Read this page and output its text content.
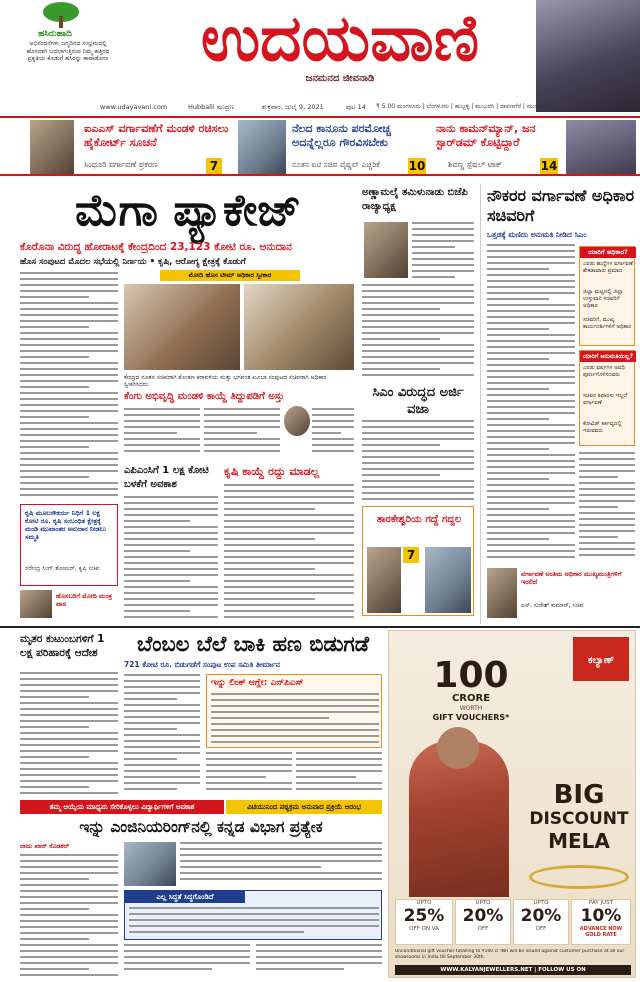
ಹಸಿರುಹಾದಿ
ಅಭಿನಂದನೆಗಳು ಜನ್ಮದಿನದ ಸಂಭ್ರಮದಲ್ಲಿ ಹೊಸದಾಗಿ ಬದಲಾಗುತ್ತಿರುವ ನಿಮ್ಮ ಹತ್ತಿರದ ಪ್ರಕೃತಿಯ ಕೊಡುಗೆ ಹಸಿರನ್ನು ಕಾಪಾಡೋಣ	ಉದಯವಾಣಿ
ಜನಮನದ ಜೀವನಾಡಿ
www.udayavani.com	Hubballi ಮುದ್ರಣ	ಶುಕ್ರವಾರ, ಜುಲೈ 9, 2021	ಪುಟ 14 ₹ 5.00 ಮಂಗಳೂರು | ಬೆಂಗಳೂರು | ಹುಬ್ಬಳ್ಳಿ | ಕಲಬುರಗಿ | ದಾವಣಗೆರೆ | ಮುಂಬಯಿ
ಐಎಎಸ್ ವರ್ಗಾವಣೆಗೆ ಮಂಡಳಿ ರಚಿಸಲು ಹೈಕೋರ್ಟ್ ಸೂಚನೆ
ಸಿಂಧೂರಿ ವರ್ಗಾವಣೆ ಪ್ರಕರಣ	7
ನೆಲದ ಕಾನೂನು ಪರಮೋಚ್ಚ ಅದನ್ನೆಲ್ಲರೂ ಗೌರವಿಸಬೇಕು
ನೂತನ ಐಟಿ ಸಚಿವ ವೈಷ್ಣವ್ ಎಚ್ಚರಿಕೆ	10
ನಾನು ಕಾಮನ್‌ಮ್ಯಾನ್, ಜನ ಸ್ಟಾರ್‌ಡಮ್ ಕೊಟ್ಟಿದ್ದಾರೆ
ಶಿವಣ್ಣ ಸ್ಪೆಷಲ್ ಟಾಕ್	14
ಮೆಗಾ ಪ್ಯಾಕೇಜ್
ಕೊರೊನಾ ವಿರುದ್ಧ ಹೋರಾಟಕ್ಕೆ ಕೇಂದ್ರದಿಂದ 23,123 ಕೋಟಿ ರೂ. ಅನುದಾನ
ಹೊಸ ಸಂಪುಟದ ಮೊದಲ ಸಭೆಯಲ್ಲಿ ನಿರ್ಣಯ • ಕೃಷಿ, ಆರೋಗ್ಯ ಕ್ಷೇತ್ರಕ್ಕೆ ಕೊಡುಗೆ
ಮೋದಿ ಹೊಸ ಟೀಮ್ ಅಧಿಕಾರ ಸ್ವೀಕಾರ
ಕೇಂದ್ರದ ನೂತನ ಸಚಿವರಾಗಿ ಕೊಂಕಣ ಕರಾವಳಿಯ ಮತ್ತು ಭಗವಂತ ಖೂಬಾ ಸಂಪುಟದ ಸಚಿವರಾಗಿ ಅಧಿಕಾರ ಸ್ವೀಕರಿಸಿದರು.
ಕೆಂಗು ಅಭಿವೃದ್ಧಿ ಮಂಡಳಿ ಕಾಯ್ದೆ ತಿದ್ದುಪಡಿಗೆ ಅಸ್ತು
ಕೃಷಿ ಮೂಲಸೌಕರ್ಯ ನಿಧಿಗೆ 1 ಲಕ್ಷ ಕೋಟಿ ರೂ. ಕೃಷಿ ಸಂಬಂಧಿತ ಕ್ಷೇತ್ರಕ್ಕೆ ಮಂಡಿ ಮುಖಾಂತರ ಅನುದಾನ ನೀಡಲು ಸಮ್ಮತಿ
ನರೇಂದ್ರ ಸಿಂಗ್ ತೋಮರ್, ಕೃಷಿ ಸಚಿವ
ಹೊಸಬರಿಗೆ ಮೋದಿ ಮಂತ್ರ ಪಾಠ
ಎಪಿಎಂಸಿಗೆ 1 ಲಕ್ಷ ಕೋಟಿ ಬಳಕೆಗೆ ಅವಕಾಶ
ಕೃಷಿ ಕಾಯ್ದೆ ರದ್ದು ಮಾಡಲ್ಲ
ಅಣ್ಣಾಮಲೈ ತಮಿಳುನಾಡು ಬಿಜೆಪಿ ರಾಜ್ಯಾಧ್ಯಕ್ಷ
ಸಿಎಂ ವಿರುದ್ಧದ ಅರ್ಜಿ ವಜಾ
ತಾರಕೇಶ್ವರಿಯ ಗದ್ದೆ ಗದ್ದಲ
7
ನೌಕರರ ವರ್ಗಾವಣೆ ಅಧಿಕಾರ ಸಚಿವರಿಗೆ
ಒತ್ತಡಕ್ಕೆ ಮಣಿದು ಅನುಮತಿ ನೀಡಿದ ಸಿಎಂ
ಯಾರಿಗೆ ಅಧಿಕಾರ?
ಎರಡು ಹುದ್ದೆಗಳ ವರ್ಗಾವಣೆ ಶೇಕಡಾವಾರು ಪ್ರಮಾಣ
ಜಿಲ್ಲಾ ಮಟ್ಟದಲ್ಲಿ ಜಿಲ್ಲಾ ಉಸ್ತುವಾರಿ ಸಚಿವರಿಗೆ ಅಧಿಕಾರ
ಸಚಿವರಿಗೆ, ಮುಖ್ಯ ಕಾರ್ಯದರ್ಶಿಗಳಿಗೆ ಅಧಿಕಾರ
ಯಾರಿಗೆ ಅನುಮತಿಯಿಲ್ಲ?
ಎರಡು ವರ್ಷಗಳ ಅವಧಿ ಪೂರ್ಣಗೊಳಿಸದವರು
ಸಚಿವರ ಶಿಫಾರಸು ಇಲ್ಲದೆ ವರ್ಗಾವಣೆ
ಕೋವಿಡ್ ಕರ್ತವ್ಯದಲ್ಲಿ ಇರುವವರು
ವರ್ಗಾವಣೆ ಅಂತಿಮ ಅಧಿಕಾರ ಮುಖ್ಯಮಂತ್ರಿಗಳಿಗೆ ಇರಲಿದೆ
ಎಸ್. ಸುರೇಶ್ ಕುಮಾರ್, ಸಚಿವ
ಮೃತರ ಕುಟುಂಬಗಳಿಗೆ 1 ಲಕ್ಷ ಪರಿಹಾರಕ್ಕೆ ಆದೇಶ	ಬೆಂಬಲ ಬೆಲೆ ಬಾಕಿ ಹಣ ಬಿಡುಗಡೆ
721 ಕೋಟಿ ರೂ. ಬಿಡುಗಡೆಗೆ ಸಂಪುಟ ಉಪ ಸಮಿತಿ ತೀರ್ಮಾನ
ಇನ್ನು ಲಿಂಕ್ ಆಗ್ಲೇ: ಎನ್‌ಪಿಎಸ್
ತಮ್ಮ ಆಯ್ಕೆಯ ಮಾಧ್ಯಮ ಸೇರಿಕೊಳ್ಳಲು ವಿದ್ಯಾರ್ಥಿಗಳಿಗೆ ಅವಕಾಶ	ವಿಟಿಯುನಿಂದ ಪಠ್ಯಕ್ರಮ ಅನುವಾದ ಪ್ರಕ್ರಿಯೆ ಆರಂಭ
ಇನ್ನು ಎಂಜಿನಿಯರಿಂಗ್‌ನಲ್ಲಿ ಕನ್ನಡ ವಿಭಾಗ ಪ್ರತ್ಯೇಕ
ರಾಜು ಖಾರ್ ಕೊಡಕರ್
ಎಲ್ಲ ಸಿದ್ಧತೆ ಸಿದ್ಧಗೊಂಡಿದೆ
ಕಲ್ಯಾಣ್
100
CRORE
WORTH
GIFT VOUCHERS*
BIG
DISCOUNT
MELA
UPTO
25%
OFF ON VA
UPTO
20%
OFF
UPTO
20%
OFF
PAY JUST
10%
ADVANCE NOW GOLD RATE
Unconditional gift voucher totalling to ₹100 cr INR will be issued against customer purchase at all our showrooms in India till September 30th.
WWW.KALYANJEWELLERS.NET | FOLLOW US ON
